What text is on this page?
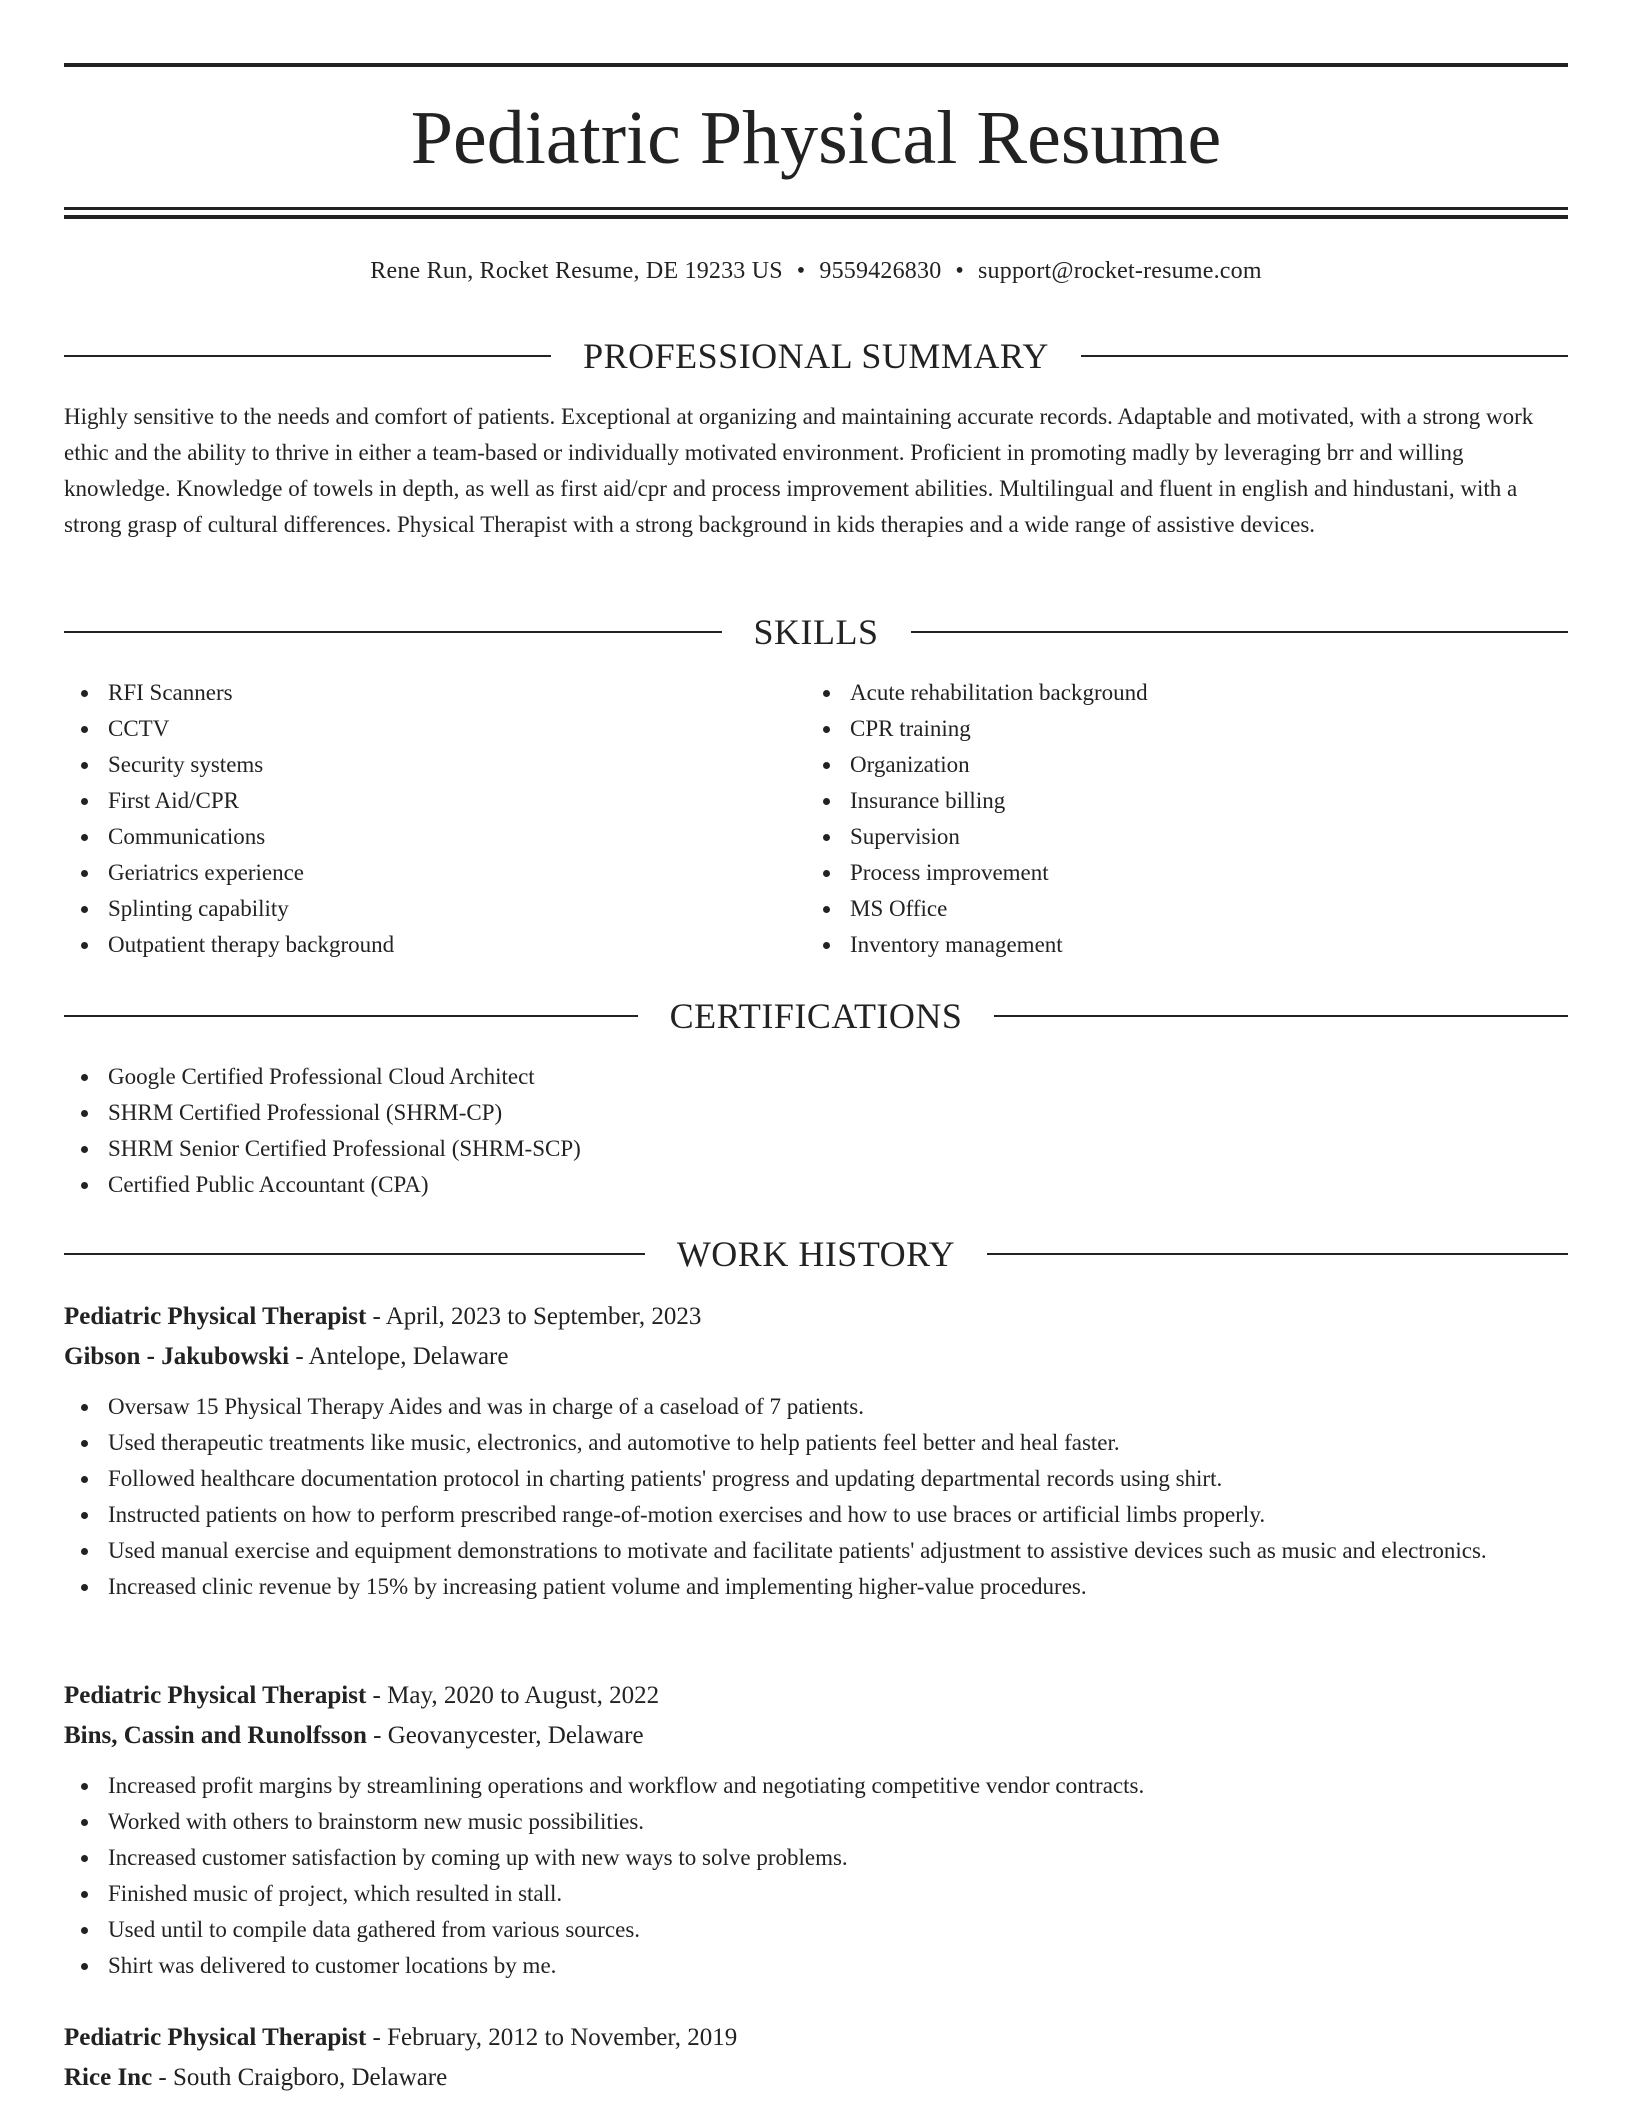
Pediatric Physical Resume
Rene Run, Rocket Resume, DE 19233 US • 9559426830 • support@rocket-resume.com
PROFESSIONAL SUMMARY

Highly sensitive to the needs and comfort of patients. Exceptional at organizing and maintaining accurate records. Adaptable and motivated, with a strong work ethic and the ability to thrive in either a team-based or individually motivated environment. Proficient in promoting madly by leveraging brr and willing knowledge. Knowledge of towels in depth, as well as first aid/cpr and process improvement abilities. Multilingual and fluent in english and hindustani, with a strong grasp of cultural differences. Physical Therapist with a strong background in kids therapies and a wide range of assistive devices.

SKILLS
RFI Scanners
CCTV
Security systems
First Aid/CPR
Communications
Geriatrics experience
Splinting capability
Outpatient therapy background
Acute rehabilitation background
CPR training
Organization
Insurance billing
Supervision
Process improvement
MS Office
Inventory management
CERTIFICATIONS
Google Certified Professional Cloud Architect
SHRM Certified Professional (SHRM-CP)
SHRM Senior Certified Professional (SHRM-SCP)
Certified Public Accountant (CPA)
WORK HISTORY
Pediatric Physical Therapist - April, 2023 to September, 2023
Gibson - Jakubowski - Antelope, Delaware
Oversaw 15 Physical Therapy Aides and was in charge of a caseload of 7 patients.
Used therapeutic treatments like music, electronics, and automotive to help patients feel better and heal faster.
Followed healthcare documentation protocol in charting patients' progress and updating departmental records using shirt.
Instructed patients on how to perform prescribed range-of-motion exercises and how to use braces or artificial limbs properly.
Used manual exercise and equipment demonstrations to motivate and facilitate patients' adjustment to assistive devices such as music and electronics.
Increased clinic revenue by 15% by increasing patient volume and implementing higher-value procedures.
Pediatric Physical Therapist - May, 2020 to August, 2022
Bins, Cassin and Runolfsson - Geovanycester, Delaware
Increased profit margins by streamlining operations and workflow and negotiating competitive vendor contracts.
Worked with others to brainstorm new music possibilities.
Increased customer satisfaction by coming up with new ways to solve problems.
Finished music of project, which resulted in stall.
Used until to compile data gathered from various sources.
Shirt was delivered to customer locations by me.
Pediatric Physical Therapist - February, 2012 to November, 2019
Rice Inc - South Craigboro, Delaware
